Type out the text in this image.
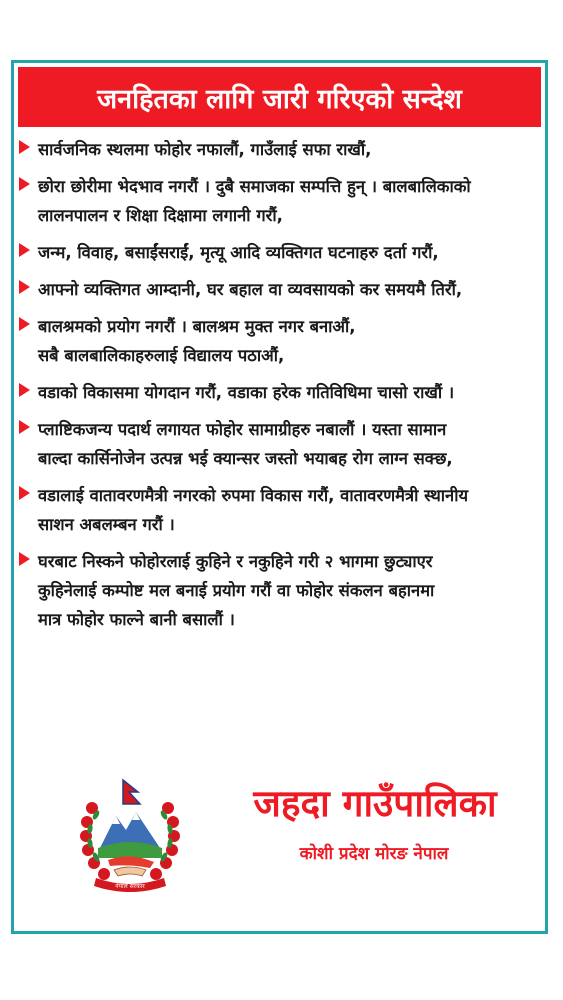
जनहितका लागि जारी गरिएको सन्देश
सार्वजनिक स्थलमा फोहोर नफालौं, गाउँलाई सफा राखौं,
छोरा छोरीमा भेदभाव नगरौं । दुबै समाजका सम्पत्ति हुन् । बालबालिकाको
लालनपालन र शिक्षा दिक्षामा लगानी गरौं,
जन्म, विवाह, बसाईंसराईं, मृत्यू आदि व्यक्तिगत घटनाहरु दर्ता गरौं,
आफ्नो व्यक्तिगत आम्दानी, घर बहाल वा व्यवसायको कर समयमै तिरौं,
बालश्रमको प्रयोग नगरौं । बालश्रम मुक्त नगर बनाऔं,
सबै बालबालिकाहरुलाई विद्यालय पठाऔं,
वडाको विकासमा योगदान गरौं, वडाका हरेक गतिविधिमा चासो राखौं ।
प्लाष्टिकजन्य पदार्थ लगायत फोहोर सामाग्रीहरु नबालौं । यस्ता सामान
बाल्दा कार्सिनोजेन उत्पन्न भई क्यान्सर जस्तो भयाबह रोग लाग्न सक्छ,
वडालाई वातावरणमैत्री नगरको रुपमा विकास गरौं, वातावरणमैत्री स्थानीय
साशन अबलम्बन गरौं ।
घरबाट निस्कने फोहोरलाई कुहिने र नकुहिने गरी २ भागमा छुट्याएर
कुहिनेलाई कम्पोष्ट मल बनाई प्रयोग गरौं वा फोहोर संकलन बहानमा
मात्र फोहोर फाल्ने बानी बसालौं ।
नेपाल सरकार
जहदा गाउँपालिका
कोशी प्रदेश मोरङ नेपाल
